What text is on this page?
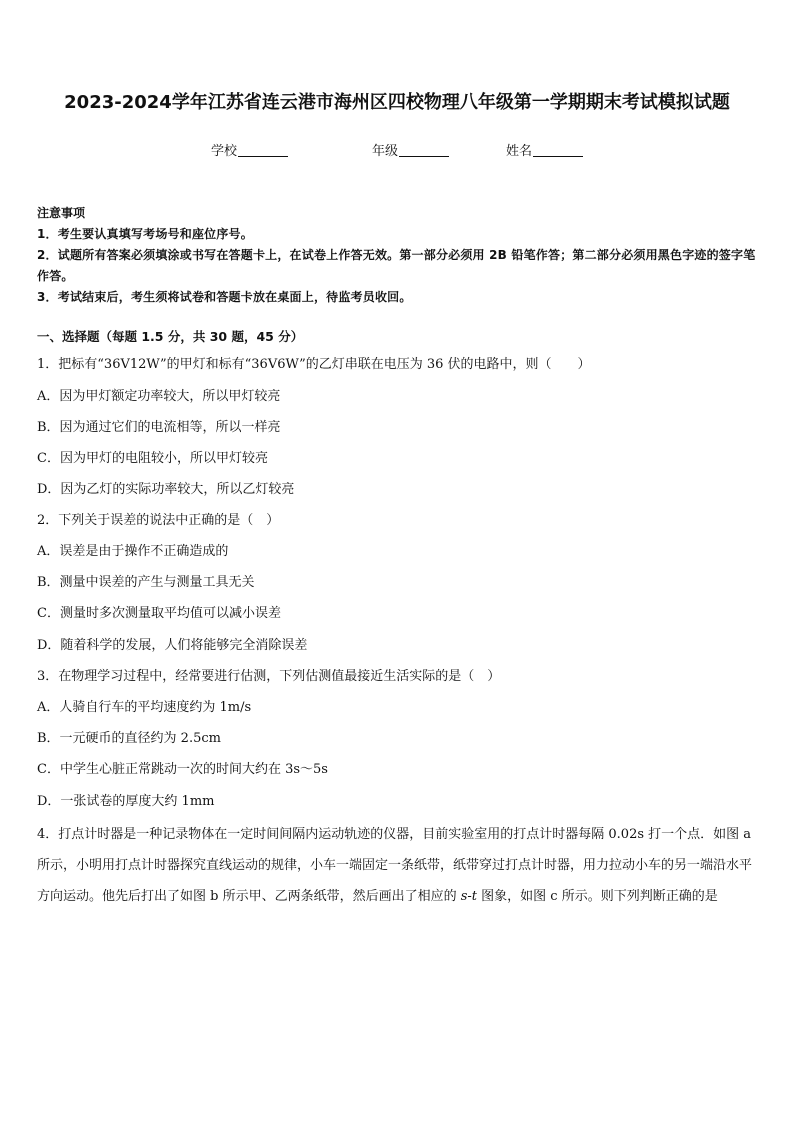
2023-2024学年江苏省连云港市海州区四校物理八年级第一学期期末考试模拟试题
学校	年级	姓名
注意事项
1．考生要认真填写考场号和座位序号。
2．试题所有答案必须填涂或书写在答题卡上，在试卷上作答无效。第一部分必须用 2B 铅笔作答；第二部分必须用黑色字迹的签字笔作答。
3．考试结束后，考生须将试卷和答题卡放在桌面上，待监考员收回。
一、选择题（每题 1.5 分，共 30 题，45 分）
1．把标有“36V12W”的甲灯和标有“36V6W”的乙灯串联在电压为 36 伏的电路中，则（　　）
A．因为甲灯额定功率较大，所以甲灯较亮
B．因为通过它们的电流相等，所以一样亮
C．因为甲灯的电阻较小，所以甲灯较亮
D．因为乙灯的实际功率较大，所以乙灯较亮
2．下列关于误差的说法中正确的是（　）
A．误差是由于操作不正确造成的
B．测量中误差的产生与测量工具无关
C．测量时多次测量取平均值可以减小误差
D．随着科学的发展，人们将能够完全消除误差
3．在物理学习过程中，经常要进行估测，下列估测值最接近生活实际的是（　）
A．人骑自行车的平均速度约为 1m/s
B．一元硬币的直径约为 2.5cm
C．中学生心脏正常跳动一次的时间大约在 3s～5s
D．一张试卷的厚度大约 1mm
4．打点计时器是一种记录物体在一定时间间隔内运动轨迹的仪器，目前实验室用的打点计时器每隔 0.02s 打一个点．如图 a 所示，小明用打点计时器探究直线运动的规律，小车一端固定一条纸带，纸带穿过打点计时器，用力拉动小车的另一端沿水平方向运动。他先后打出了如图 b 所示甲、乙两条纸带，然后画出了相应的 s-t 图象，如图 c 所示。则下列判断正确的是
